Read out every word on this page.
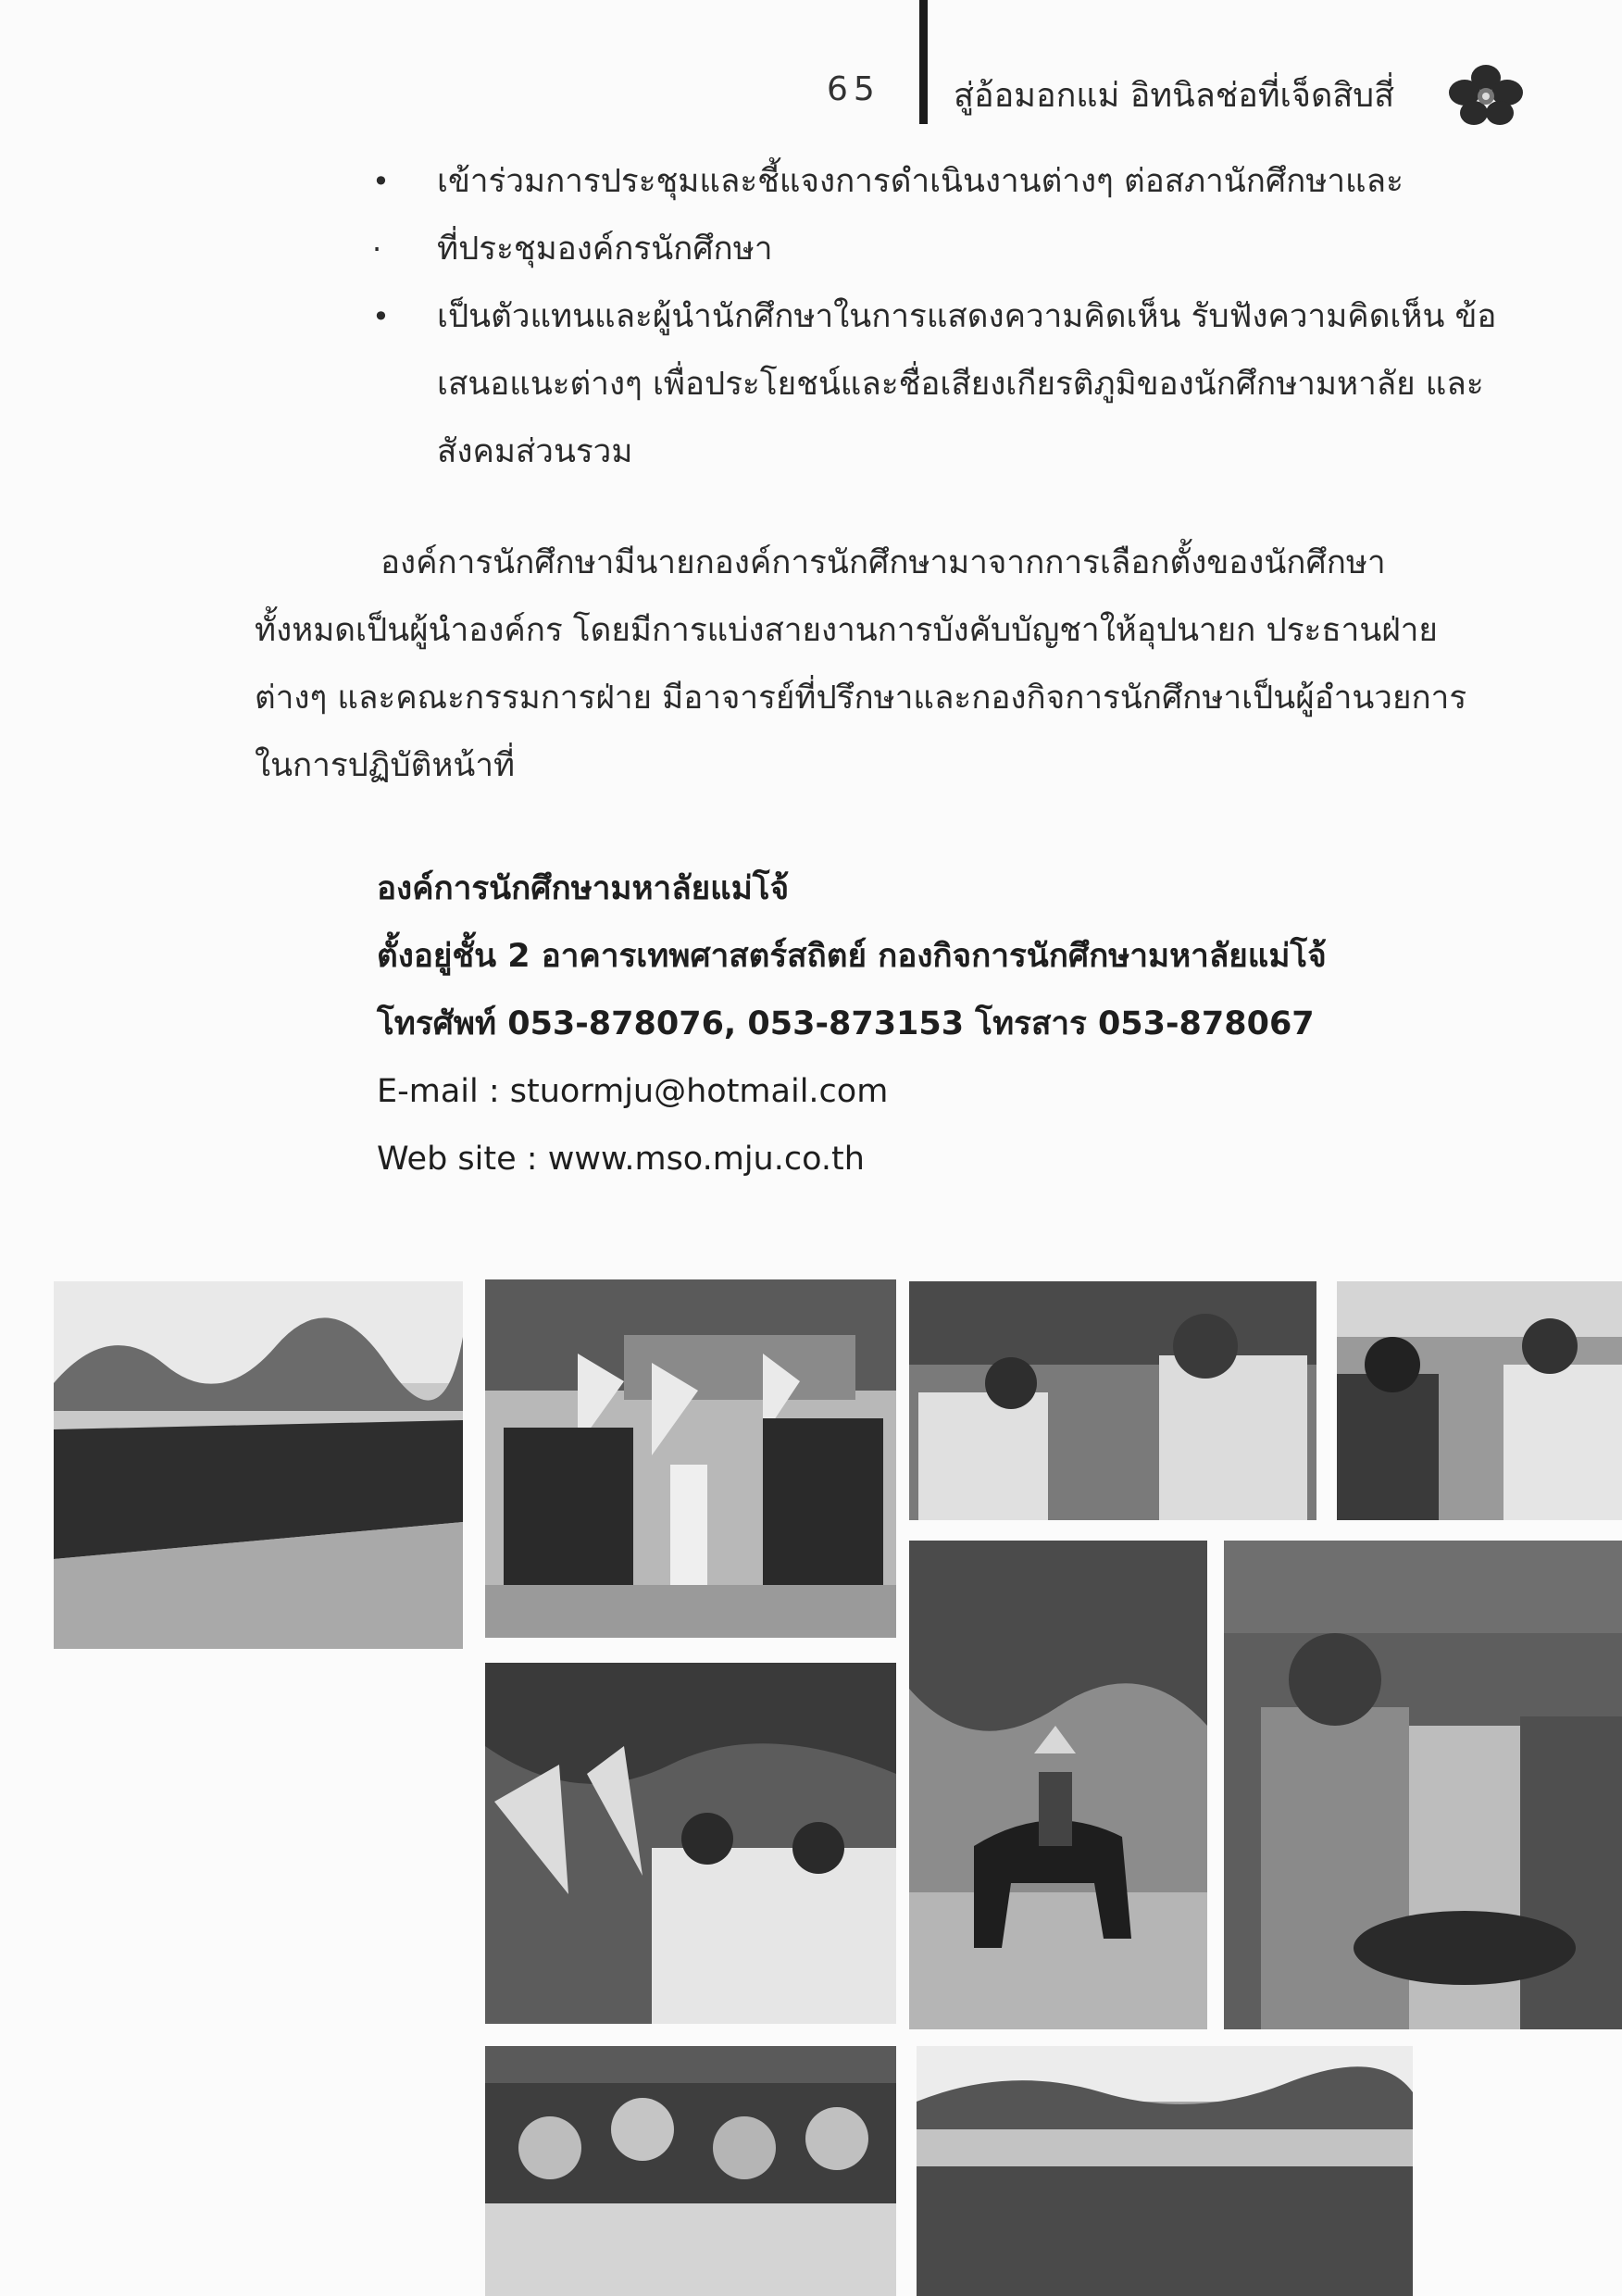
65 สู่อ้อมอกแม่ อิทนิลช่อที่เจ็ดสิบสี่
• เข้าร่วมการประชุมและชี้แจงการดำเนินงานต่างๆ ต่อสภานักศึกษาและ
· ที่ประชุมองค์กรนักศึกษา
• เป็นตัวแทนและผู้นำนักศึกษาในการแสดงความคิดเห็น รับฟังความคิดเห็น ข้อเสนอแนะต่างๆ เพื่อประโยชน์และชื่อเสียงเกียรติภูมิของนักศึกษามหาลัย และสังคมส่วนรวม
องค์การนักศึกษามีนายกองค์การนักศึกษามาจากการเลือกตั้งของนักศึกษาทั้งหมดเป็นผู้นำองค์กร โดยมีการแบ่งสายงานการบังคับบัญชาให้อุปนายก ประธานฝ่ายต่างๆ และคณะกรรมการฝ่าย มีอาจารย์ที่ปรึกษาและกองกิจการนักศึกษาเป็นผู้อำนวยการในการปฏิบัติหน้าที่
องค์การนักศึกษามหาลัยแม่โจ้
ตั้งอยู่ชั้น 2 อาคารเทพศาสตร์สถิตย์ กองกิจการนักศึกษามหาลัยแม่โจ้
โทรศัพท์ 053-878076, 053-873153 โทรสาร 053-878067
E-mail : stuormju@hotmail.com
Web site : www.mso.mju.co.th
